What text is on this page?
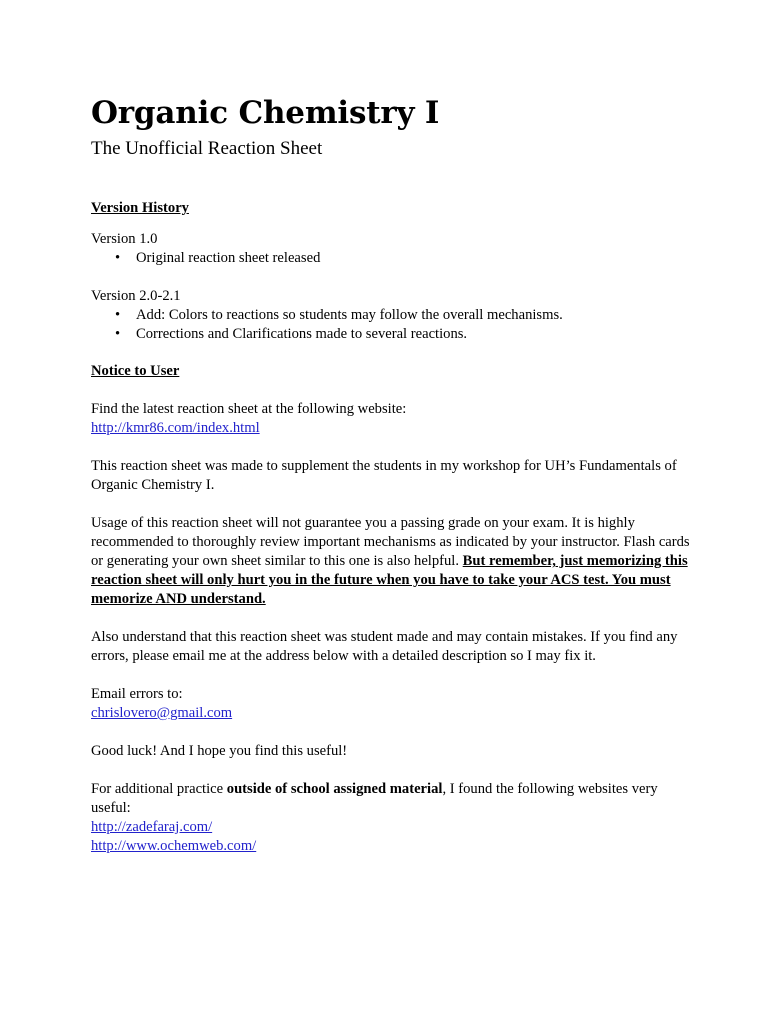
Organic Chemistry I
The Unofficial Reaction Sheet
Version History

Version 1.0

• Original reaction sheet released

Version 2.0-2.1

• Add: Colors to reactions so students may follow the overall mechanisms.
• Corrections and Clarifications made to several reactions.
Notice to User

Find the latest reaction sheet at the following website:

http://kmr86.com/index.html

This reaction sheet was made to supplement the students in my workshop for UH’s Fundamentals of Organic Chemistry I.

Usage of this reaction sheet will not guarantee you a passing grade on your exam. It is highly recommended to thoroughly review important mechanisms as indicated by your instructor. Flash cards or generating your own sheet similar to this one is also helpful. But remember, just memorizing this reaction sheet will only hurt you in the future when you have to take your ACS test. You must memorize AND understand.

Also understand that this reaction sheet was student made and may contain mistakes. If you find any errors, please email me at the address below with a detailed description so I may fix it.

Email errors to:

chrislovero@gmail.com

Good luck! And I hope you find this useful!

For additional practice outside of school assigned material, I found the following websites very useful:

http://zadefaraj.com/

http://www.ochemweb.com/
